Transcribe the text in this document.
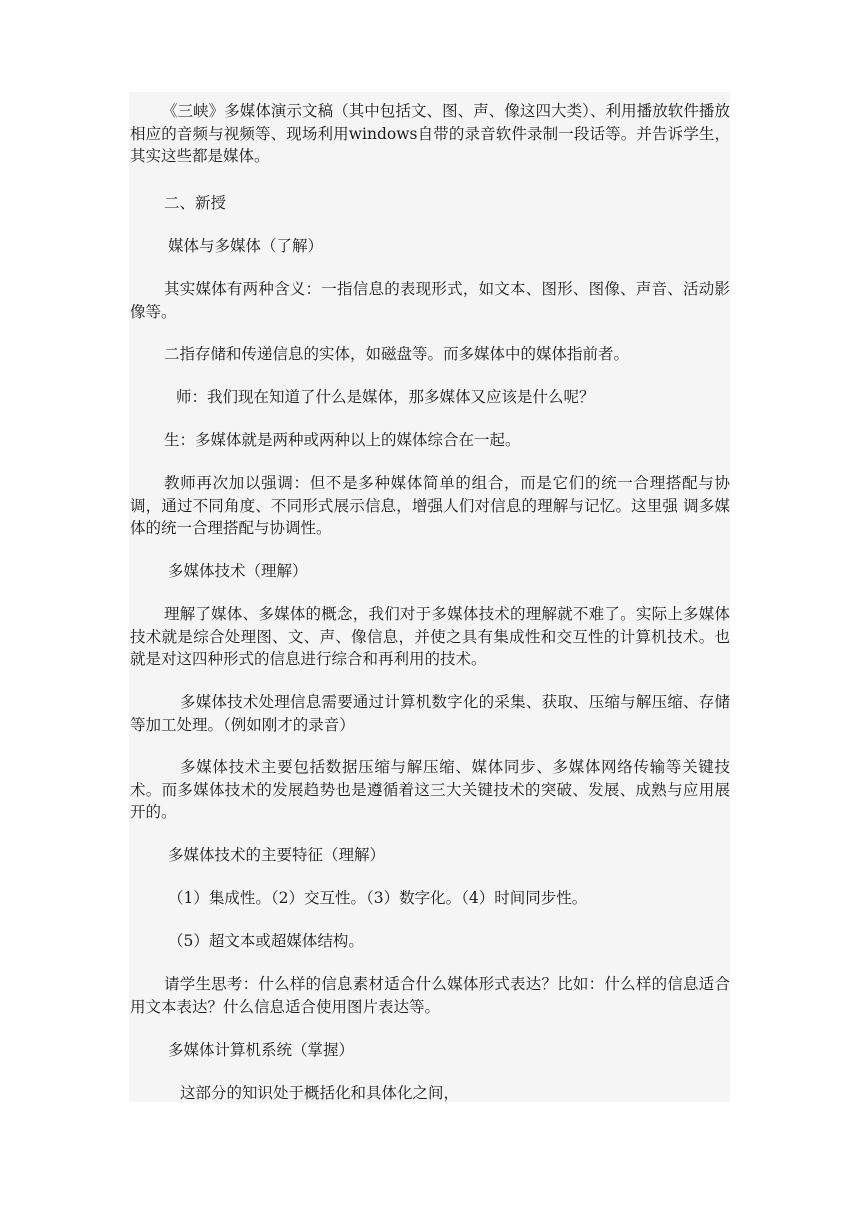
《三峡》多媒体演示文稿（其中包括文、图、声、像这四大类）、利用播放软件播放相应的音频与视频等、现场利用windows自带的录音软件录制一段话等。并告诉学生，其实这些都是媒体。

二、新授

媒体与多媒体（了解）

其实媒体有两种含义：一指信息的表现形式，如文本、图形、图像、声音、活动影像等。

二指存储和传递信息的实体，如磁盘等。而多媒体中的媒体指前者。

师：我们现在知道了什么是媒体，那多媒体又应该是什么呢？

生：多媒体就是两种或两种以上的媒体综合在一起。

教师再次加以强调：但不是多种媒体简单的组合，而是它们的统一合理搭配与协调，通过不同角度、不同形式展示信息，增强人们对信息的理解与记忆。这里强 调多媒体的统一合理搭配与协调性。

多媒体技术（理解）

理解了媒体、多媒体的概念，我们对于多媒体技术的理解就不难了。实际上多媒体技术就是综合处理图、文、声、像信息，并使之具有集成性和交互性的计算机技术。也就是对这四种形式的信息进行综合和再利用的技术。

多媒体技术处理信息需要通过计算机数字化的采集、获取、压缩与解压缩、存储等加工处理。（例如刚才的录音）

多媒体技术主要包括数据压缩与解压缩、媒体同步、多媒体网络传输等关键技术。而多媒体技术的发展趋势也是遵循着这三大关键技术的突破、发展、成熟与应用展开的。

多媒体技术的主要特征（理解）

（1）集成性。（2）交互性。（3）数字化。（4）时间同步性。

（5）超文本或超媒体结构。

请学生思考：什么样的信息素材适合什么媒体形式表达？比如：什么样的信息适合用文本表达？什么信息适合使用图片表达等。

多媒体计算机系统（掌握）

这部分的知识处于概括化和具体化之间，
